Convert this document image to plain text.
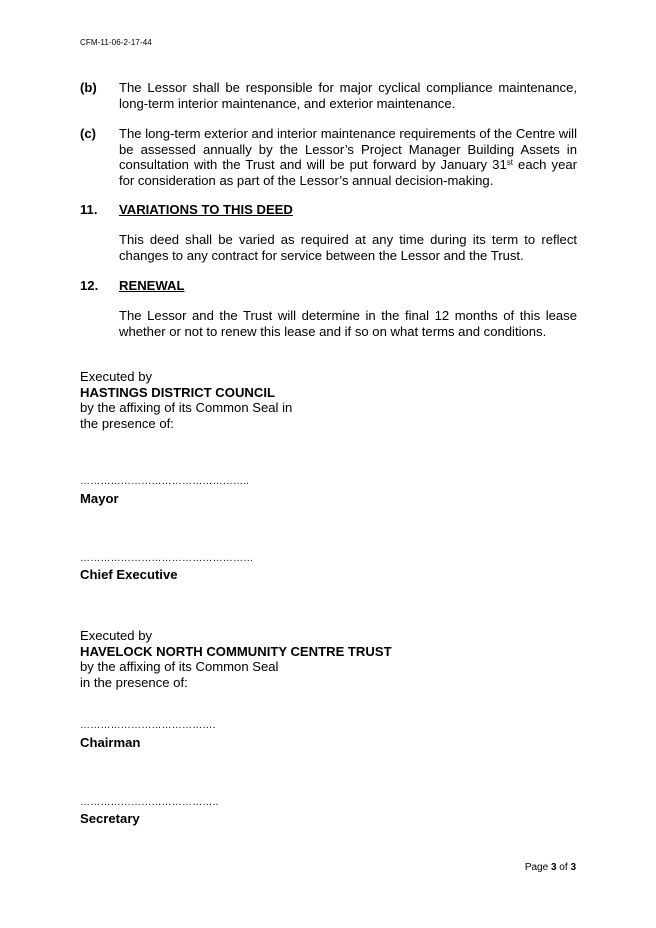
CFM-11-06-2-17-44
(b) The Lessor shall be responsible for major cyclical compliance maintenance, long-term interior maintenance, and exterior maintenance.
(c) The long-term exterior and interior maintenance requirements of the Centre will be assessed annually by the Lessor’s Project Manager Building Assets in consultation with the Trust and will be put forward by January 31st each year for consideration as part of the Lessor’s annual decision-making.
11. VARIATIONS TO THIS DEED
This deed shall be varied as required at any time during its term to reflect changes to any contract for service between the Lessor and the Trust.
12. RENEWAL
The Lessor and the Trust will determine in the final 12 months of this lease whether or not to renew this lease and if so on what terms and conditions.
Executed by
HASTINGS DISTRICT COUNCIL
by the affixing of its Common Seal in
the presence of:
…………………………………………..
Mayor
……………………………………………
Chief Executive
Executed by
HAVELOCK NORTH COMMUNITY CENTRE TRUST
by the affixing of its Common Seal
in the presence of:
………………………………….
Chairman
…………………………………..
Secretary
Page 3 of 3
